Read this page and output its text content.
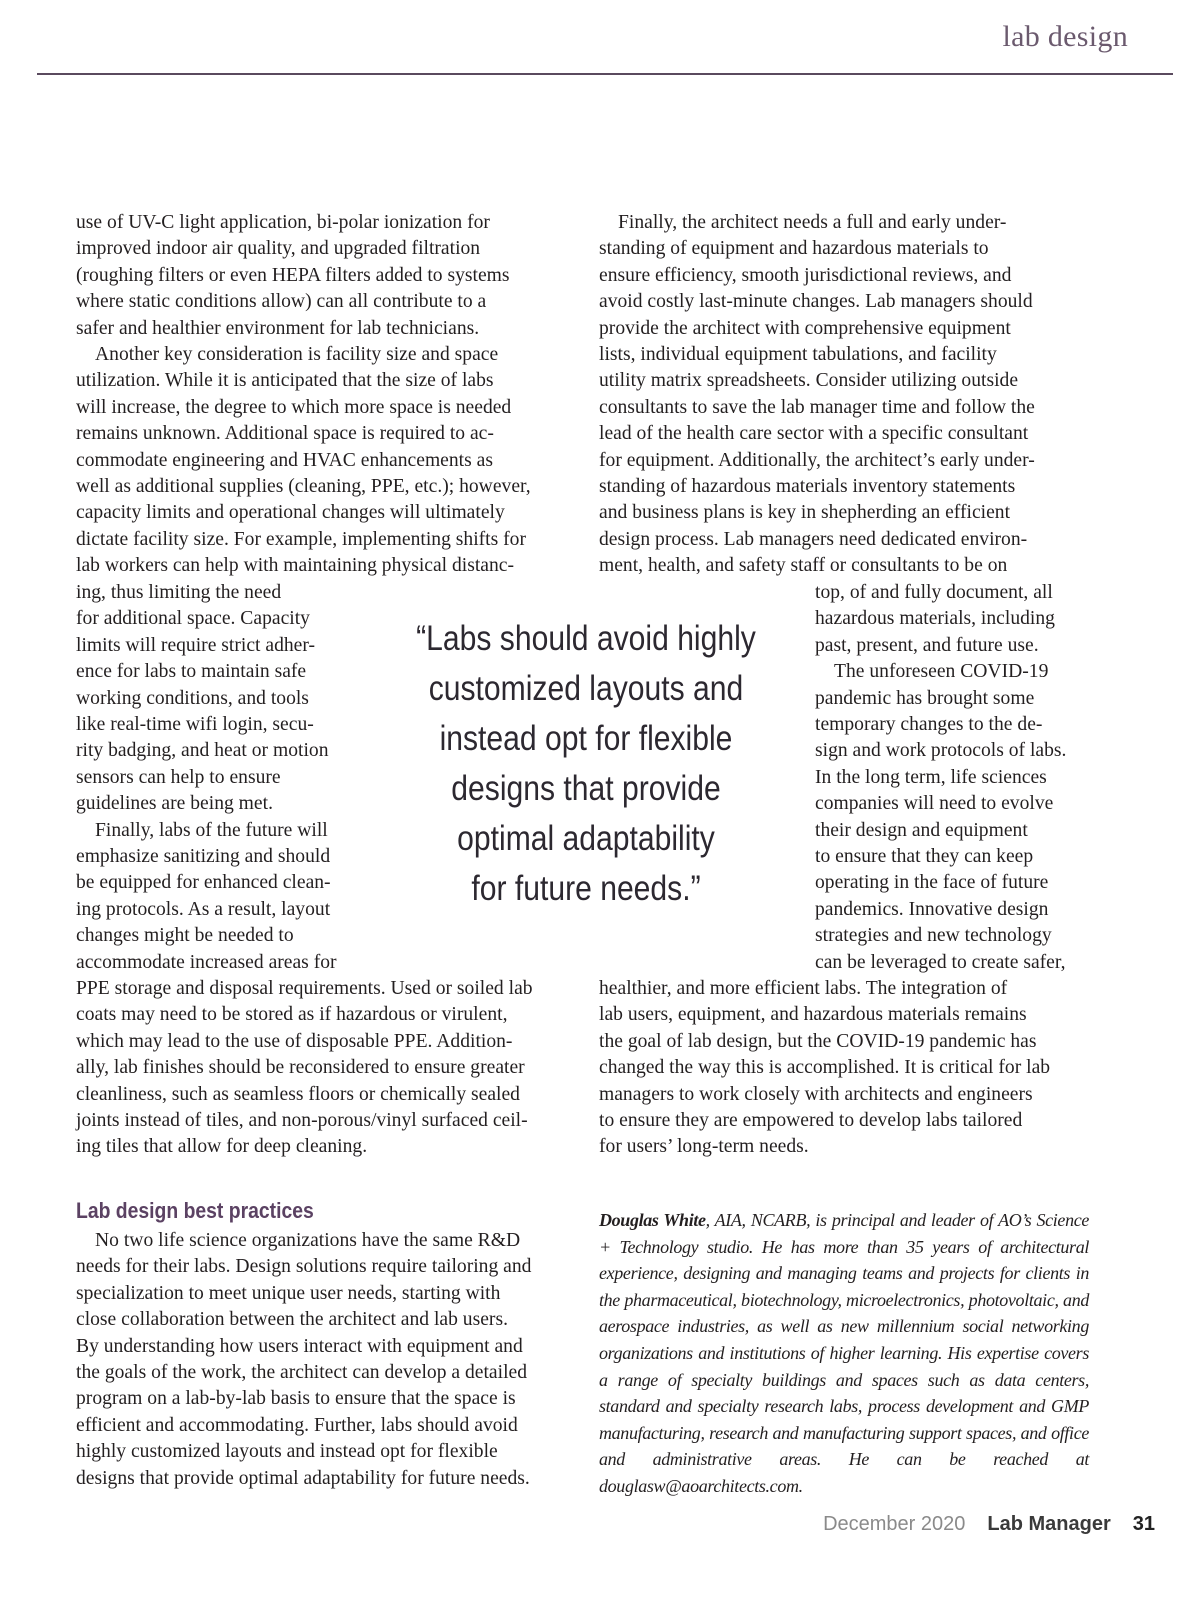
lab design

use of UV-C light application, bi-polar ionization for

improved indoor air quality, and upgraded filtration

(roughing filters or even HEPA filters added to systems

where static conditions allow) can all contribute to a

safer and healthier environment for lab technicians.

Another key consideration is facility size and space

utilization. While it is anticipated that the size of labs

will increase, the degree to which more space is needed

remains unknown. Additional space is required to ac-

commodate engineering and HVAC enhancements as

well as additional supplies (cleaning, PPE, etc.); however,

capacity limits and operational changes will ultimately

dictate facility size. For example, implementing shifts for

lab workers can help with maintaining physical distanc-

ing, thus limiting the need

for additional space. Capacity

limits will require strict adher-

ence for labs to maintain safe

working conditions, and tools

like real-time wifi login, secu-

rity badging, and heat or motion

sensors can help to ensure

guidelines are being met.

Finally, labs of the future will

emphasize sanitizing and should

be equipped for enhanced clean-

ing protocols. As a result, layout

changes might be needed to

accommodate increased areas for

PPE storage and disposal requirements. Used or soiled lab

coats may need to be stored as if hazardous or virulent,

which may lead to the use of disposable PPE. Addition-

ally, lab finishes should be reconsidered to ensure greater

cleanliness, such as seamless floors or chemically sealed

joints instead of tiles, and non-porous/vinyl surfaced ceil-

ing tiles that allow for deep cleaning.

“Labs should avoid highly
customized layouts and
instead opt for flexible
designs that provide
optimal adaptability
for future needs.”
Lab design best practices

No two life science organizations have the same R&D

needs for their labs. Design solutions require tailoring and

specialization to meet unique user needs, starting with

close collaboration between the architect and lab users.

By understanding how users interact with equipment and

the goals of the work, the architect can develop a detailed

program on a lab-by-lab basis to ensure that the space is

efficient and accommodating. Further, labs should avoid

highly customized layouts and instead opt for flexible

designs that provide optimal adaptability for future needs.

Finally, the architect needs a full and early under-

standing of equipment and hazardous materials to

ensure efficiency, smooth jurisdictional reviews, and

avoid costly last-minute changes. Lab managers should

provide the architect with comprehensive equipment

lists, individual equipment tabulations, and facility

utility matrix spreadsheets. Consider utilizing outside

consultants to save the lab manager time and follow the

lead of the health care sector with a specific consultant

for equipment. Additionally, the architect’s early under-

standing of hazardous materials inventory statements

and business plans is key in shepherding an efficient

design process. Lab managers need dedicated environ-

ment, health, and safety staff or consultants to be on

top, of and fully document, all

hazardous materials, including

past, present, and future use.

The unforeseen COVID-19

pandemic has brought some

temporary changes to the de-

sign and work protocols of labs.

In the long term, life sciences

companies will need to evolve

their design and equipment

to ensure that they can keep

operating in the face of future

pandemics. Innovative design

strategies and new technology

can be leveraged to create safer,

healthier, and more efficient labs. The integration of

lab users, equipment, and hazardous materials remains

the goal of lab design, but the COVID-19 pandemic has

changed the way this is accomplished. It is critical for lab

managers to work closely with architects and engineers

to ensure they are empowered to develop labs tailored

for users’ long-term needs.

Douglas White, AIA, NCARB, is principal and leader of AO’s Science + Technology studio. He has more than 35 years of architectural experience, designing and managing teams and projects for clients in the pharmaceutical, biotechnology, microelectronics, photovoltaic, and aerospace industries, as well as new millennium social networking organizations and institutions of higher learning. His expertise covers a range of specialty buildings and spaces such as data centers, standard and specialty research labs, process development and GMP manufacturing, research and manufacturing support spaces, and office and administrative areas. He can be reached at douglasw@aoarchitects.com.
December 2020 Lab Manager 31
